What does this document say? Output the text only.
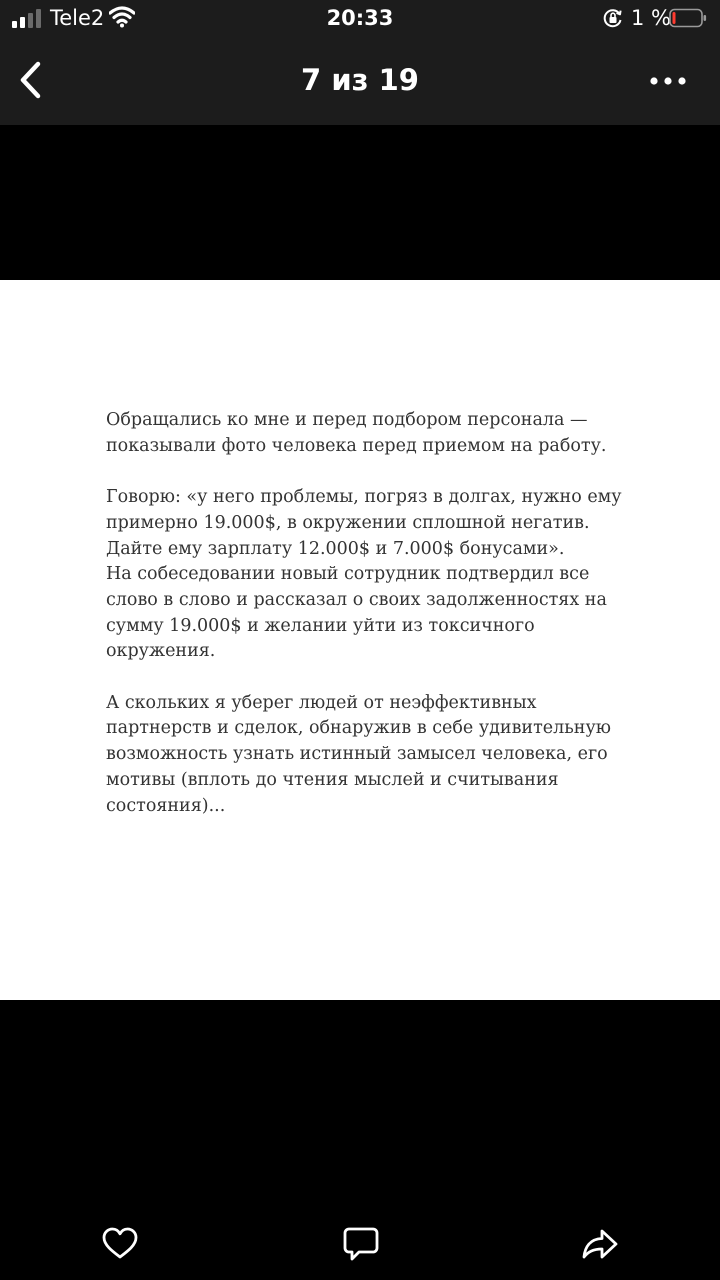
Tele2	20:33	1 %
7 из 19
Обращались ко мне и перед подбором персонала —
показывали фото человека перед приемом на работу.
Говорю: «у него проблемы, погряз в долгах, нужно ему
примерно 19.000$, в окружении сплошной негатив.
Дайте ему зарплату 12.000$ и 7.000$ бонусами».
На собеседовании новый сотрудник подтвердил все
слово в слово и рассказал о своих задолженностях на
сумму 19.000$ и желании уйти из токсичного
окружения.
А скольких я уберег людей от неэффективных
партнерств и сделок, обнаружив в себе удивительную
возможность узнать истинный замысел человека, его
мотивы (вплоть до чтения мыслей и считывания
состояния)...
